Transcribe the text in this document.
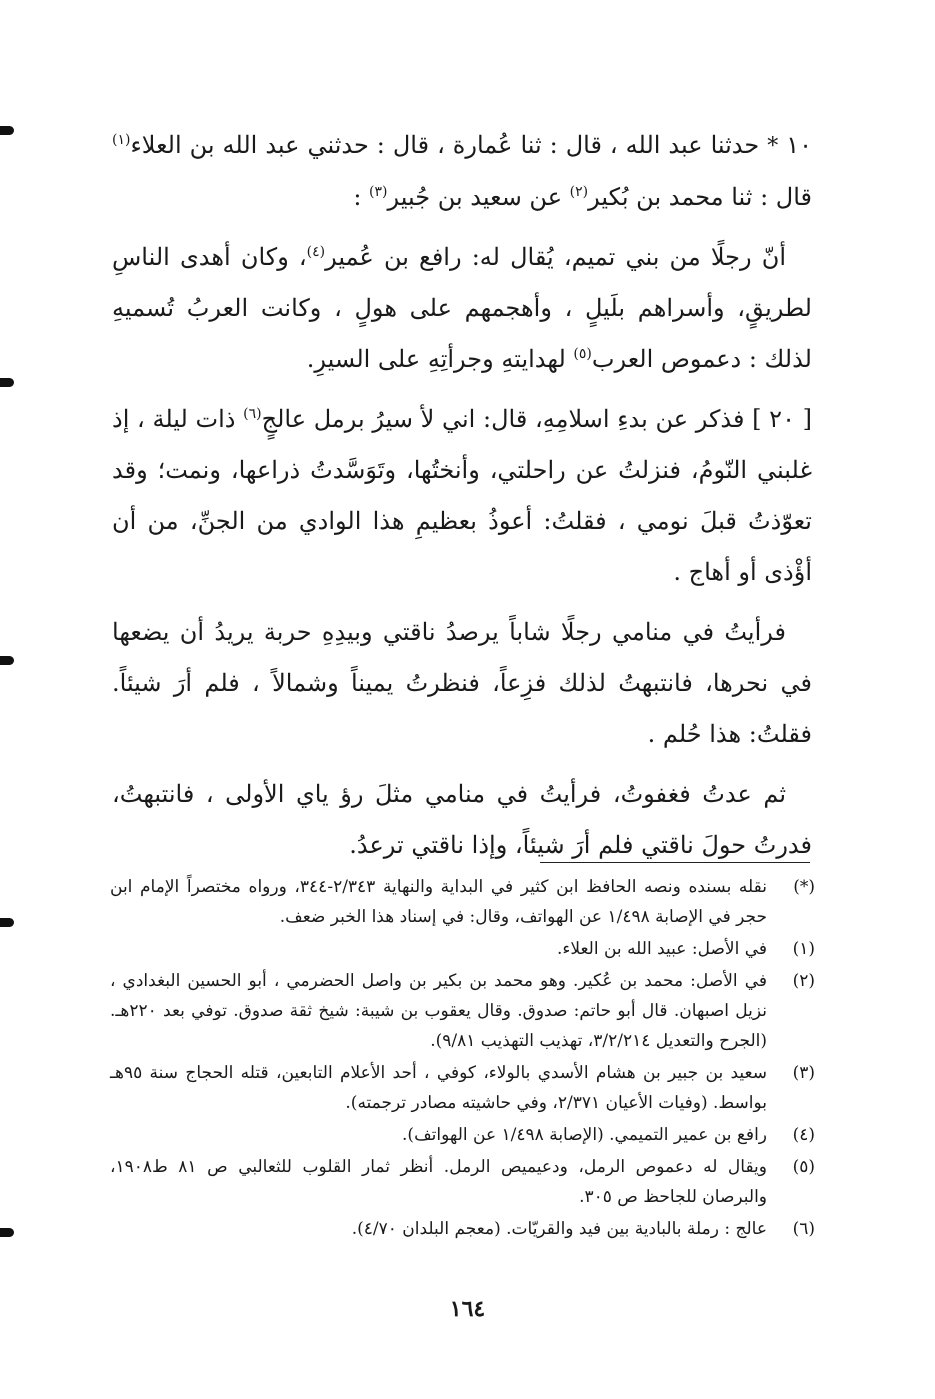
١٠ * حدثنا عبد الله ، قال : ثنا عُمارة ، قال : حدثني عبد الله بن العلاء$^{(١)}$ قال : ثنا محمد بن بُكير$^{(٢)}$ عن سعيد بن جُبير$^{(٣)}$ :

أنّ رجلًا من بني تميم، يُقال له: رافع بن عُمير$^{(٤)}$، وكان أهدى الناسِ لطريقٍ، وأسراهم بلَيلٍ ، وأهجمهم على هولٍ ، وكانت العربُ تُسميهِ لذلك : دعموص العرب$^{(٥)}$ لهدايتهِ وجرأتِهِ على السيرِ.

[ ٢٠ ] فذكر عن بدءِ اسلامِهِ، قال: اني لأ سيرُ برمل عالجٍ$^{(٦)}$ ذات ليلة ، إذ غلبني النّومُ، فنزلتُ عن راحلتي، وأنختُها، وتَوَسَّدتُ ذراعها، ونمت؛ وقد تعوّذتُ قبلَ نومي ، فقلتُ: أعوذُ بعظيمِ هذا الوادي من الجنِّ، من أن أؤْذى أو أهاج .

فرأيتُ في منامي رجلًا شاباً يرصدُ ناقتي وبيدِهِ حربة يريدُ أن يضعها في نحرها، فانتبهتُ لذلك فزِعاً، فنظرتُ يميناً وشمالاً ، فلم أرَ شيئاً. فقلتُ: هذا حُلم .

ثم عدتُ فغفوتُ، فرأيتُ في منامي مثلَ رؤ ياي الأولى ، فانتبهتُ، فدرتُ حولَ ناقتي فلم أرَ شيئاً، وإذا ناقتي ترعدُ.

(*)
نقله بسنده ونصه الحافظ ابن كثير في البداية والنهاية ٢/٣٤٣-٣٤٤، ورواه مختصراً الإمام ابن حجر في الإصابة ١/٤٩٨ عن الهواتف، وقال: في إسناد هذا الخبر ضعف.
(١)
في الأصل: عبيد الله بن العلاء.
(٢)
في الأصل: محمد بن عُكير. وهو محمد بن بكير بن واصل الحضرمي ، أبو الحسين البغدادي ، نزيل اصبهان. قال أبو حاتم: صدوق. وقال يعقوب بن شيبة: شيخ ثقة صدوق. توفي بعد ٢٢٠هـ. (الجرح والتعديل ٣/٢/٢١٤، تهذيب التهذيب ٩/٨١).
(٣)
سعيد بن جبير بن هشام الأسدي بالولاء، كوفي ، أحد الأعلام التابعين، قتله الحجاج سنة ٩٥هـ بواسط. (وفيات الأعيان ٢/٣٧١، وفي حاشيته مصادر ترجمته).
(٤)
رافع بن عمير التميمي. (الإصابة ١/٤٩٨ عن الهواتف).
(٥)
ويقال له دعموص الرمل، ودعيميص الرمل. أنظر ثمار القلوب للثعالبي ص ٨١ ط١٩٠٨، والبرصان للجاحظ ص ٣٠٥.
(٦)
عالج : رملة بالبادية بين فيد والقريّات. (معجم البلدان ٤/٧٠).
١٦٤
